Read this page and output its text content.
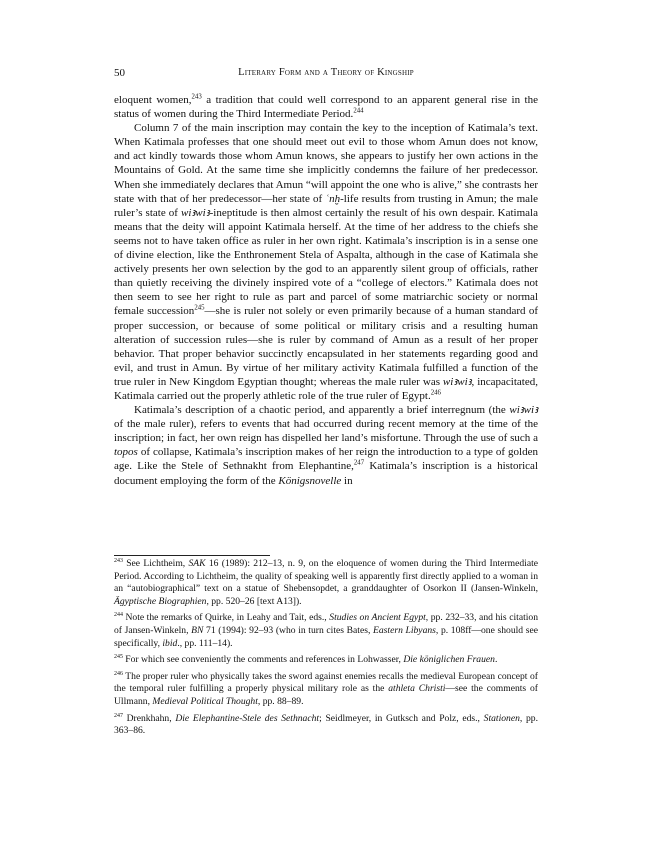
50	Literary Form and a Theory of Kingship

eloquent women,$^{243}$ a tradition that could well correspond to an apparent general rise in the status of women during the Third Intermediate Period.$^{244}$

Column 7 of the main inscription may contain the key to the inception of Katimala’s text. When Katimala professes that one should meet out evil to those whom Amun does not know, and act kindly towards those whom Amun knows, she appears to justify her own actions in the Mountains of Gold. At the same time she implicitly condemns the failure of her predecessor. When she immediately declares that Amun “will appoint the one who is alive,” she contrasts her state with that of her predecessor—her state of ʿnḫ-life results from trusting in Amun; the male ruler’s state of wiꜣwiꜣ-ineptitude is then almost certainly the result of his own despair. Katimala means that the deity will appoint Katimala herself. At the time of her address to the chiefs she seems not to have taken office as ruler in her own right. Katimala’s inscription is in a sense one of divine election, like the Enthronement Stela of Aspalta, although in the case of Katimala she actively presents her own selection by the god to an apparently silent group of officials, rather than quietly receiving the divinely inspired vote of a “college of electors.” Katimala does not then seem to see her right to rule as part and parcel of some matriarchic society or normal female succession$^{245}$—she is ruler not solely or even primarily because of a human standard of proper succession, or because of some political or military crisis and a resulting human alteration of succession rules—she is ruler by command of Amun as a result of her proper behavior. That proper behavior succinctly encapsulated in her statements regarding good and evil, and trust in Amun. By virtue of her military activity Katimala fulfilled a function of the true ruler in New Kingdom Egyptian thought; whereas the male ruler was wiꜣwiꜣ, incapacitated, Katimala carried out the properly athletic role of the true ruler of Egypt.$^{246}$

Katimala’s description of a chaotic period, and apparently a brief interregnum (the wiꜣwiꜣ of the male ruler), refers to events that had occurred during recent memory at the time of the inscription; in fact, her own reign has dispelled her land’s misfortune. Through the use of such a topos of collapse, Katimala’s inscription makes of her reign the introduction to a type of golden age. Like the Stele of Sethnakht from Elephantine,$^{247}$ Katimala’s inscription is a historical document employing the form of the Königsnovelle in

$^{243}$ See Lichtheim, SAK 16 (1989): 212–13, n. 9, on the eloquence of women during the Third Intermediate Period. According to Lichtheim, the quality of speaking well is apparently first directly applied to a woman in an “autobiographical” text on a statue of Shebensopdet, a granddaughter of Osorkon II (Jansen-Winkeln, Ägyptische Biographien, pp. 520–26 [text A13]).

$^{244}$ Note the remarks of Quirke, in Leahy and Tait, eds., Studies on Ancient Egypt, pp. 232–33, and his citation of Jansen-Winkeln, BN 71 (1994): 92–93 (who in turn cites Bates, Eastern Libyans, p. 108ff—one should see specifically, ibid., pp. 111–14).

$^{245}$ For which see conveniently the comments and references in Lohwasser, Die königlichen Frauen.

$^{246}$ The proper ruler who physically takes the sword against enemies recalls the medieval European concept of the temporal ruler fulfilling a properly physical military role as the athleta Christi—see the comments of Ullmann, Medieval Political Thought, pp. 88–89.

$^{247}$ Drenkhahn, Die Elephantine-Stele des Sethnacht; Seidlmeyer, in Gutksch and Polz, eds., Stationen, pp. 363–86.
